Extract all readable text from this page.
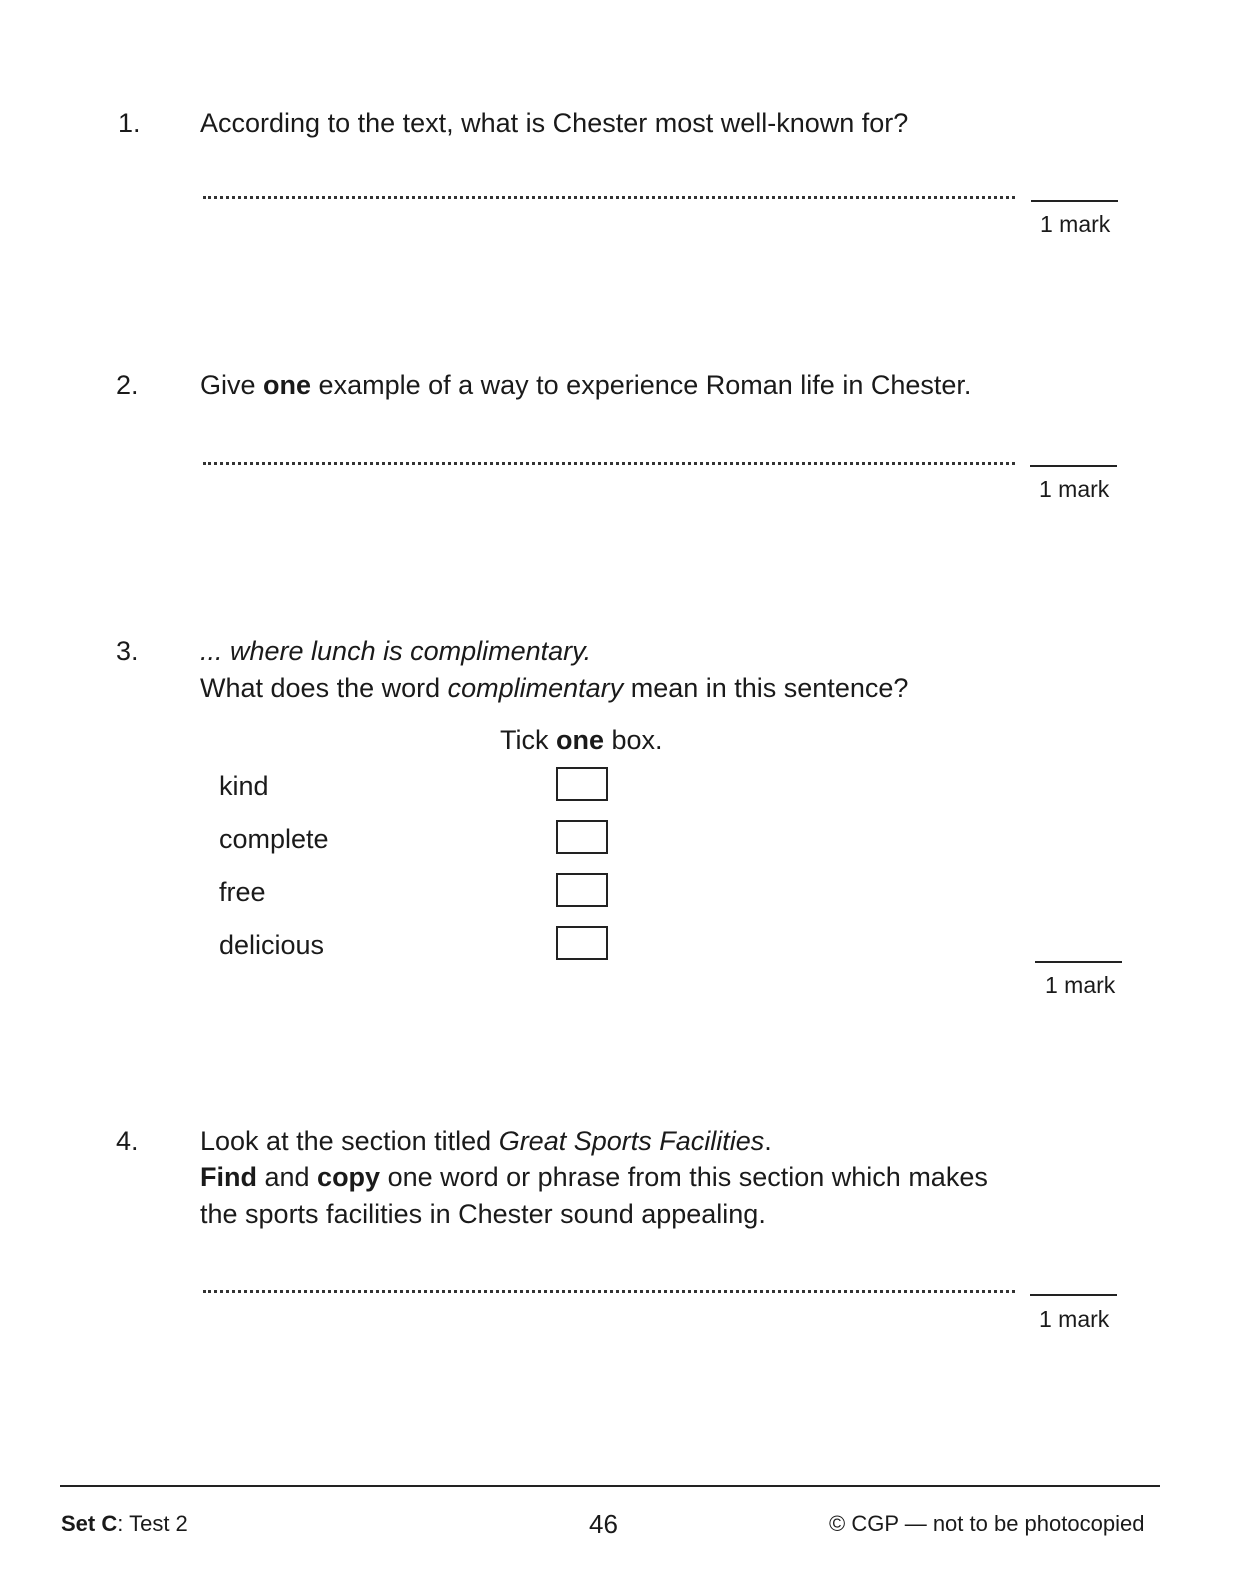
1. According to the text, what is Chester most well-known for?
1 mark
2. Give one example of a way to experience Roman life in Chester.
1 mark
3. ... where lunch is complimentary.
What does the word complimentary mean in this sentence?
Tick one box.
kind
complete
free
delicious
1 mark
4. Look at the section titled Great Sports Facilities.
Find and copy one word or phrase from this section which makes
the sports facilities in Chester sound appealing.
1 mark
Set C: Test 2	46	© CGP — not to be photocopied
